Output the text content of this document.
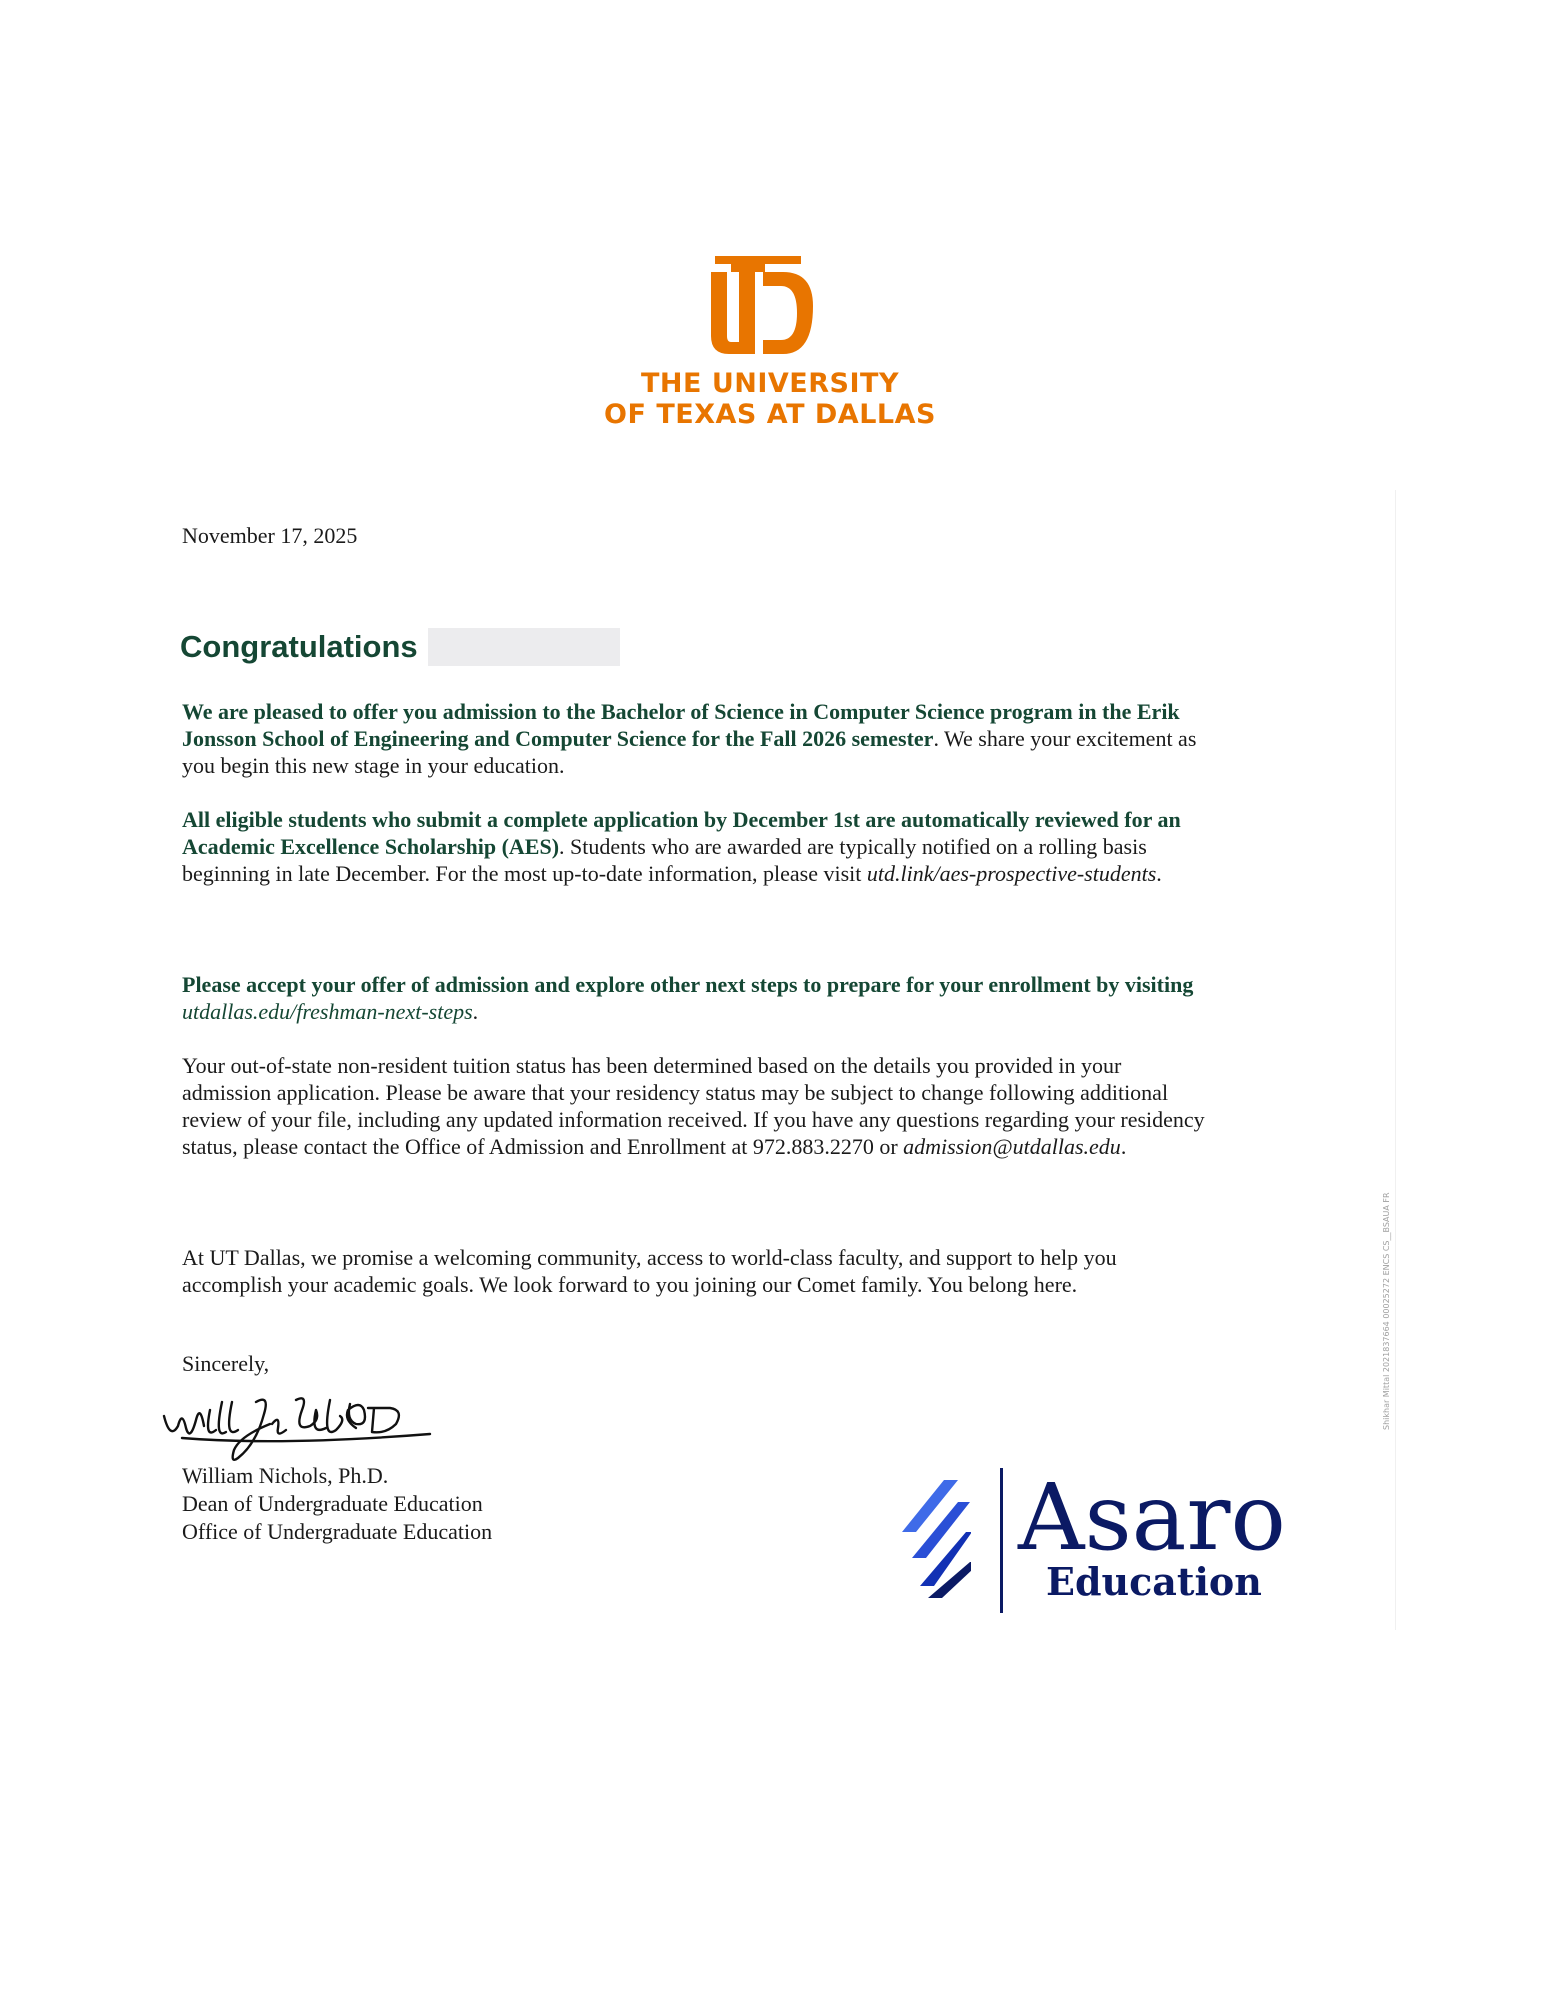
THE UNIVERSITY
OF TEXAS AT DALLAS
November 17, 2025
Congratulations
We are pleased to offer you admission to the Bachelor of Science in Computer Science program in the Erik Jonsson School of Engineering and Computer Science for the Fall 2026 semester. We share your excitement as you begin this new stage in your education.
All eligible students who submit a complete application by December 1st are automatically reviewed for an Academic Excellence Scholarship (AES). Students who are awarded are typically notified on a rolling basis beginning in late December. For the most up-to-date information, please visit utd.link/aes-prospective-students.
Please accept your offer of admission and explore other next steps to prepare for your enrollment by visiting utdallas.edu/freshman-next-steps.
Your out-of-state non-resident tuition status has been determined based on the details you provided in your admission application. Please be aware that your residency status may be subject to change following additional review of your file, including any updated information received. If you have any questions regarding your residency status, please contact the Office of Admission and Enrollment at 972.883.2270 or admission@utdallas.edu.
At UT Dallas, we promise a welcoming community, access to world-class faculty, and support to help you accomplish your academic goals. We look forward to you joining our Comet family. You belong here.
Sincerely,
William Nichols, Ph.D.
Dean of Undergraduate Education
Office of Undergraduate Education
Shikhar Mittal 2021837664 00025272 ENCS CS__BSAUA FR
Asaro
Education
